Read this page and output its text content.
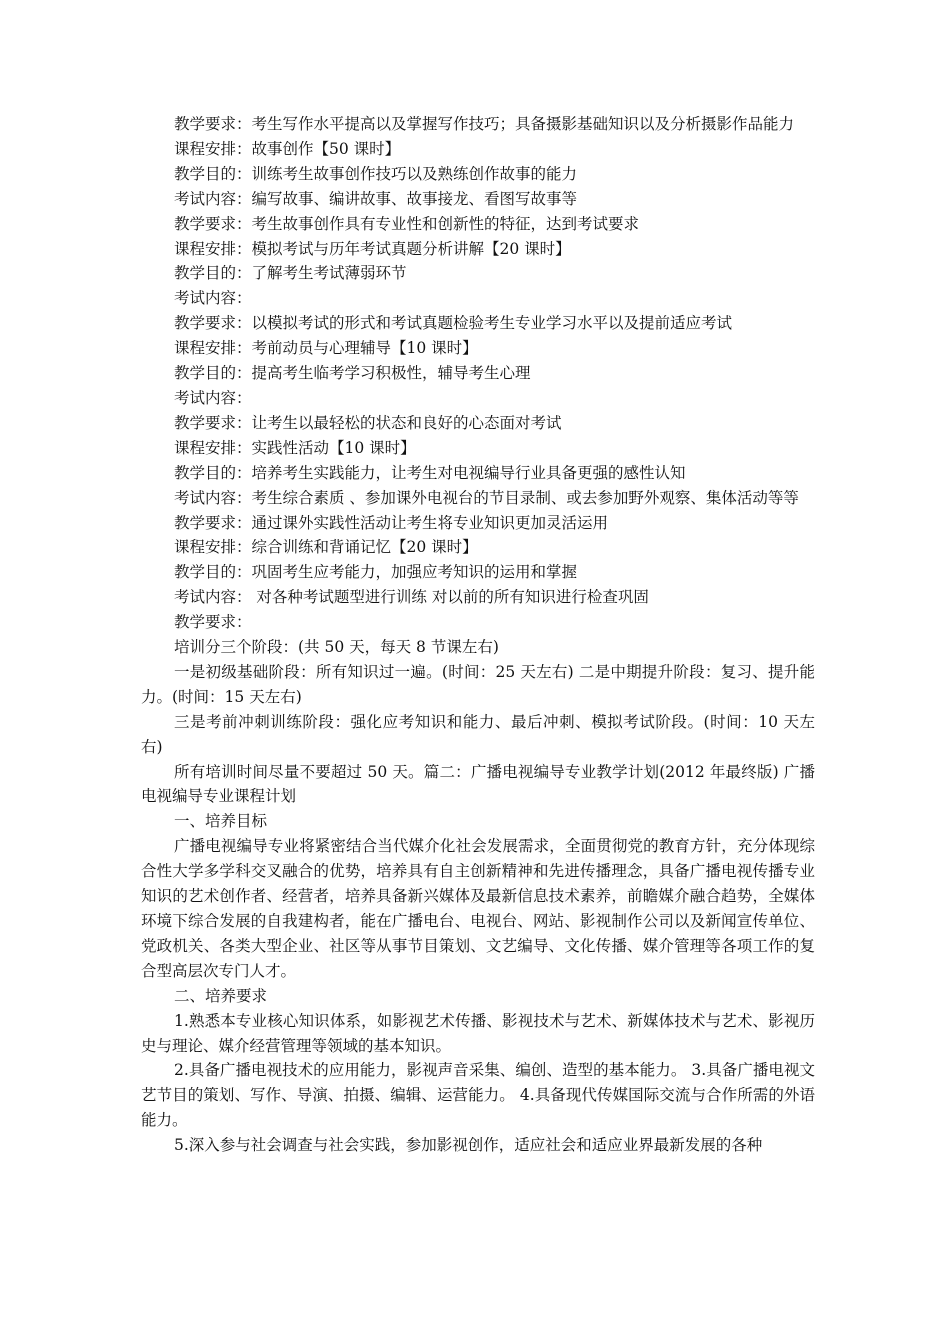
教学要求：考生写作水平提高以及掌握写作技巧；具备摄影基础知识以及分析摄影作品能力

课程安排：故事创作【50 课时】

教学目的：训练考生故事创作技巧以及熟练创作故事的能力

考试内容：编写故事、编讲故事、故事接龙、看图写故事等

教学要求：考生故事创作具有专业性和创新性的特征，达到考试要求

课程安排：模拟考试与历年考试真题分析讲解【20 课时】

教学目的：了解考生考试薄弱环节

考试内容：

教学要求：以模拟考试的形式和考试真题检验考生专业学习水平以及提前适应考试

课程安排：考前动员与心理辅导【10 课时】

教学目的：提高考生临考学习积极性，辅导考生心理

考试内容：

教学要求：让考生以最轻松的状态和良好的心态面对考试

课程安排：实践性活动【10 课时】

教学目的：培养考生实践能力，让考生对电视编导行业具备更强的感性认知

考试内容：考生综合素质 、参加课外电视台的节目录制、或去参加野外观察、集体活动等等

教学要求：通过课外实践性活动让考生将专业知识更加灵活运用

课程安排：综合训练和背诵记忆【20 课时】

教学目的：巩固考生应考能力，加强应考知识的运用和掌握

考试内容： 对各种考试题型进行训练 对以前的所有知识进行检查巩固

教学要求：

培训分三个阶段：(共 50 天，每天 8 节课左右)

一是初级基础阶段：所有知识过一遍。(时间：25 天左右) 二是中期提升阶段：复习、提升能力。(时间：15 天左右)

三是考前冲刺训练阶段：强化应考知识和能力、最后冲刺、模拟考试阶段。(时间：10 天左右)

所有培训时间尽量不要超过 50 天。篇二：广播电视编导专业教学计划(2012 年最终版) 广播电视编导专业课程计划

一、培养目标

广播电视编导专业将紧密结合当代媒介化社会发展需求，全面贯彻党的教育方针，充分体现综合性大学多学科交叉融合的优势，培养具有自主创新精神和先进传播理念，具备广播电视传播专业知识的艺术创作者、经营者，培养具备新兴媒体及最新信息技术素养，前瞻媒介融合趋势，全媒体环境下综合发展的自我建构者，能在广播电台、电视台、网站、影视制作公司以及新闻宣传单位、党政机关、各类大型企业、社区等从事节目策划、文艺编导、文化传播、媒介管理等各项工作的复合型高层次专门人才。

二、培养要求

1.熟悉本专业核心知识体系，如影视艺术传播、影视技术与艺术、新媒体技术与艺术、影视历史与理论、媒介经营管理等领域的基本知识。

2.具备广播电视技术的应用能力，影视声音采集、编创、造型的基本能力。 3.具备广播电视文艺节目的策划、写作、导演、拍摄、编辑、运营能力。 4.具备现代传媒国际交流与合作所需的外语能力。

5.深入参与社会调查与社会实践，参加影视创作，适应社会和适应业界最新发展的各种
